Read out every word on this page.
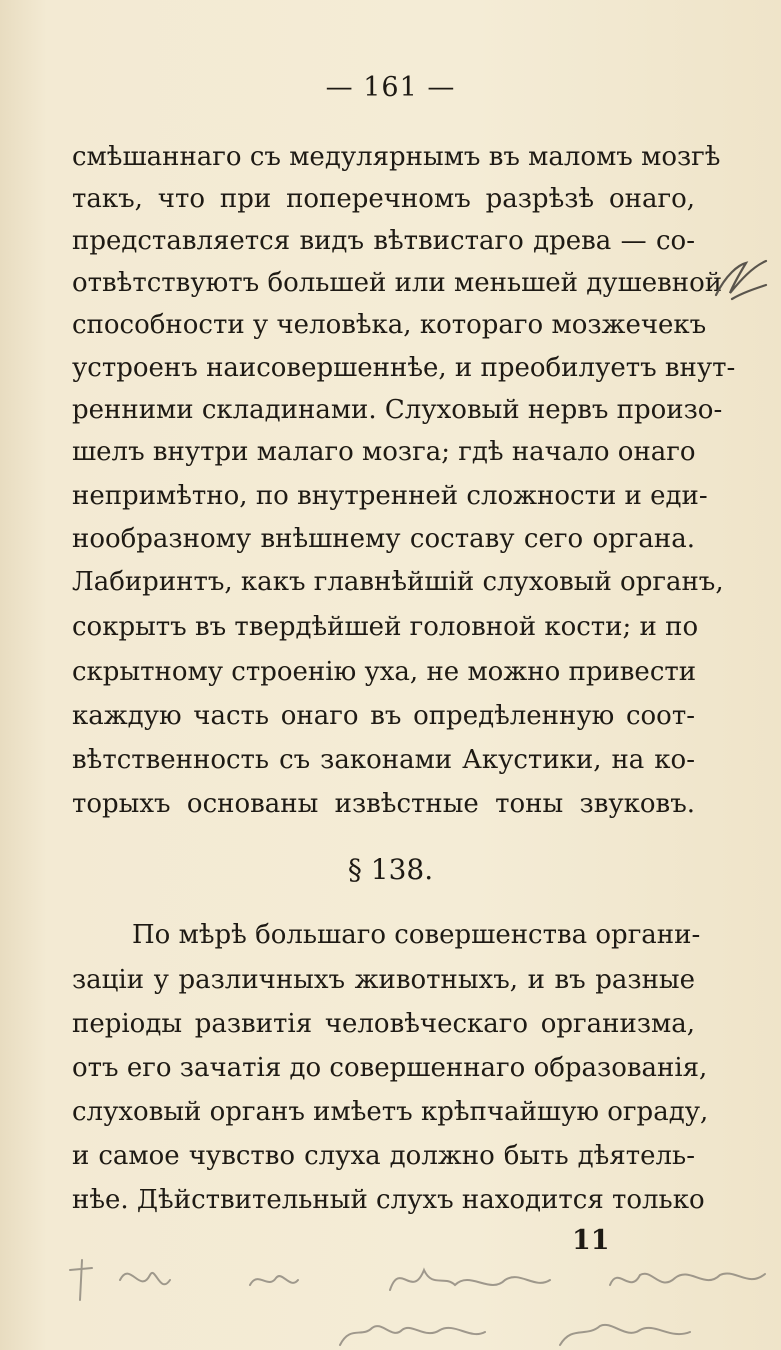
— 161 —
смѣшаннаго съ медулярнымъ въ маломъ мозгѣ
такъ, что при поперечномъ разрѣзѣ онаго,
представляется видъ вѣтвистаго древа — со-
отвѣтствуютъ большей или меньшей душевной
способности у человѣка, котораго мозжечекъ
устроенъ наисовершеннѣе, и преобилуетъ внут-
ренними складинами. Слуховый нервъ произо-
шелъ внутри малаго мозга; гдѣ начало онаго
непримѣтно, по внутренней сложности и еди-
нообразному внѣшнему составу сего органа.
Лабиринтъ, какъ главнѣйшій слуховый органъ,
сокрытъ въ твердѣйшей головной кости; и по
скрытному строенію уха, не можно привести
каждую часть онаго въ опредѣленную соот-
вѣтственность съ законами Акустики, на ко-
торыхъ основаны извѣстные тоны звуковъ.
§ 138.
По мѣрѣ большаго совершенства органи-
заціи у различныхъ животныхъ, и въ разные
періоды развитія человѣческаго организма,
отъ его зачатія до совершеннаго образованія,
слуховый органъ имѣетъ крѣпчайшую ограду,
и самое чувство слуха должно быть дѣятель-
нѣе. Дѣйствительный слухъ находится только
11
